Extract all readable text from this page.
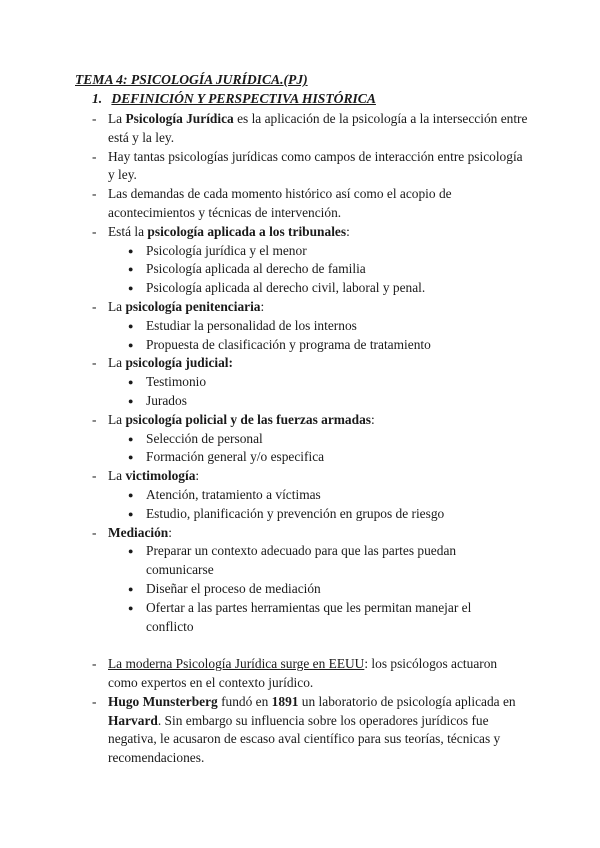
TEMA 4: PSICOLOGÍA JURÍDICA.(PJ)
1. DEFINICIÓN Y PERSPECTIVA HISTÓRICA
- La Psicología Jurídica es la aplicación de la psicología a la intersección entre está y la ley.
- Hay tantas psicologías jurídicas como campos de interacción entre psicología y ley.
- Las demandas de cada momento histórico así como el acopio de acontecimientos y técnicas de intervención.
- Está la psicología aplicada a los tribunales:
● Psicología jurídica y el menor
● Psicología aplicada al derecho de familia
● Psicología aplicada al derecho civil, laboral y penal.
- La psicología penitenciaria:
● Estudiar la personalidad de los internos
● Propuesta de clasificación y programa de tratamiento
- La psicología judicial:
● Testimonio
● Jurados
- La psicología policial y de las fuerzas armadas:
● Selección de personal
● Formación general y/o especifica
- La victimología:
● Atención, tratamiento a víctimas
● Estudio, planificación y prevención en grupos de riesgo
- Mediación:
● Preparar un contexto adecuado para que las partes puedan comunicarse
● Diseñar el proceso de mediación
● Ofertar a las partes herramientas que les permitan manejar el conflicto
- La moderna Psicología Jurídica surge en EEUU: los psicólogos actuaron como expertos en el contexto jurídico.
- Hugo Munsterberg fundó en 1891 un laboratorio de psicología aplicada en Harvard. Sin embargo su influencia sobre los operadores jurídicos fue negativa, le acusaron de escaso aval científico para sus teorías, técnicas y recomendaciones.
